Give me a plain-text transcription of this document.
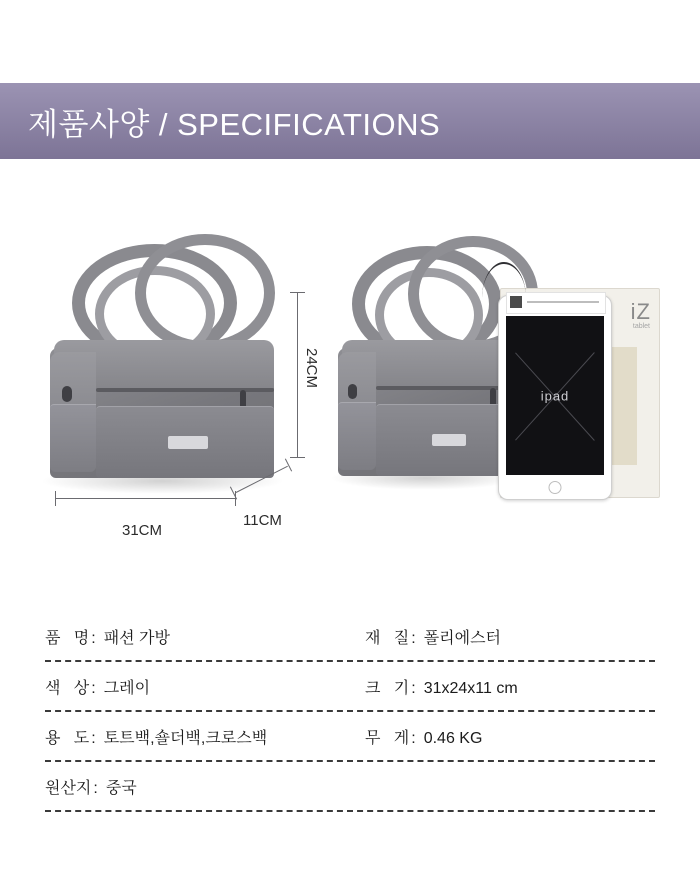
제품사양 / SPECIFICATIONS
24CM
31CM
11CM
iZ
tablet
ipad
품   명 : 패션 가방	재   질 : 폴리에스터
색   상 : 그레이	크   기 : 31x24x11 cm
용   도 : 토트백,숄더백,크로스백	무   게 : 0.46 KG
원산지 : 중국
